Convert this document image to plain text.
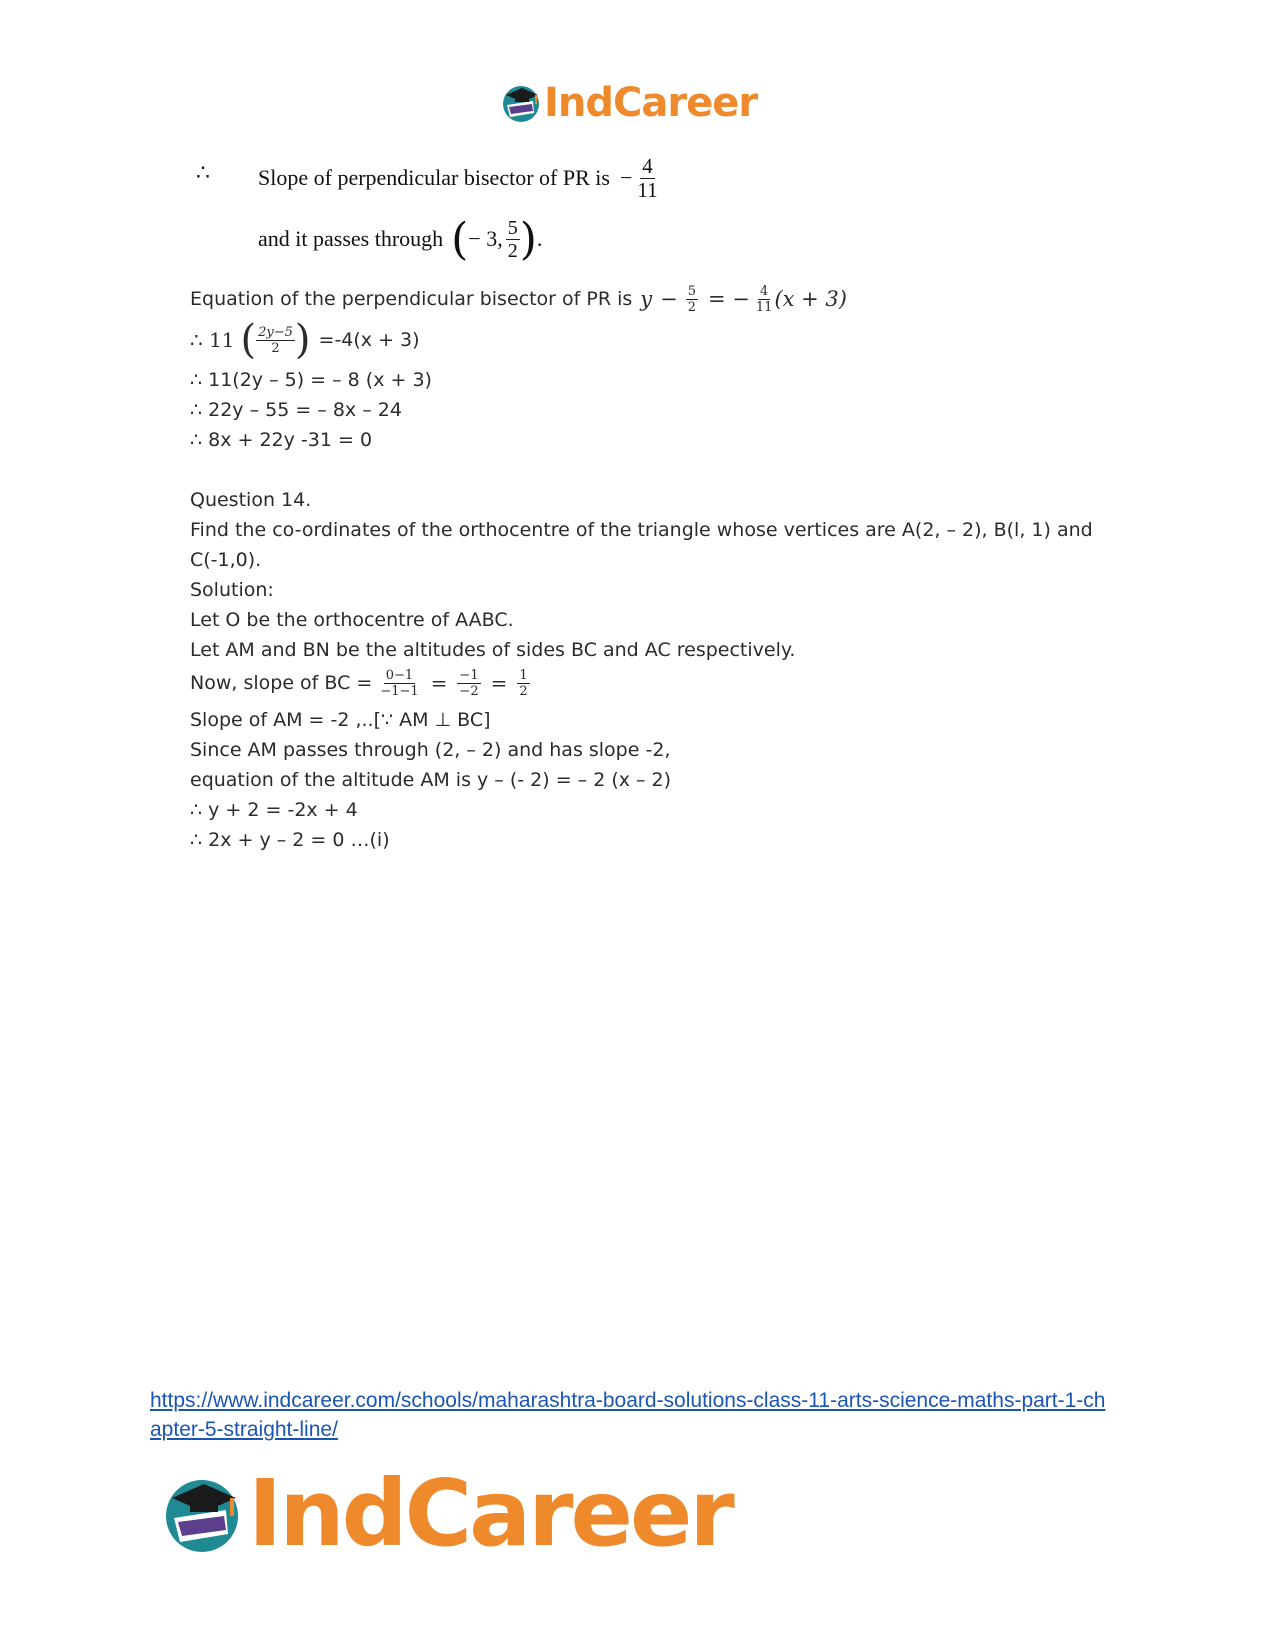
IndCareer
∴ Slope of perpendicular bisector of PR is − $\frac{4}{11}$
and it passes through ( − 3, $\frac{5}{2}$ ) .
Equation of the perpendicular bisector of PR is $y - \frac{5}{2}$ = − $\frac{4}{11} (x + 3)$
∴ 11 ( $\frac{2y-5}{2}$ ) =-4(x + 3)
∴ 11(2y – 5) = – 8 (x + 3)
∴ 22y – 55 = – 8x – 24
∴ 8x + 22y -31 = 0
Question 14.
Find the co-ordinates of the orthocentre of the triangle whose vertices are A(2, – 2), B(l, 1) and
C(-1,0).
Solution:
Let O be the orthocentre of AABC.
Let AM and BN be the altitudes of sides BC and AC respectively.
Now, slope of BC = $\frac{0-1}{-1-1} = \frac{-1}{-2} = \frac{1}{2}$
Slope of AM = -2 ,..[∵ AM ⊥ BC]
Since AM passes through (2, – 2) and has slope -2,
equation of the altitude AM is y – (- 2) = – 2 (x – 2)
∴ y + 2 = -2x + 4
∴ 2x + y – 2 = 0 …(i)
https://www.indcareer.com/schools/maharashtra-board-solutions-class-11-arts-science-maths-part-1-chapter-5-straight-line/
IndCareer
